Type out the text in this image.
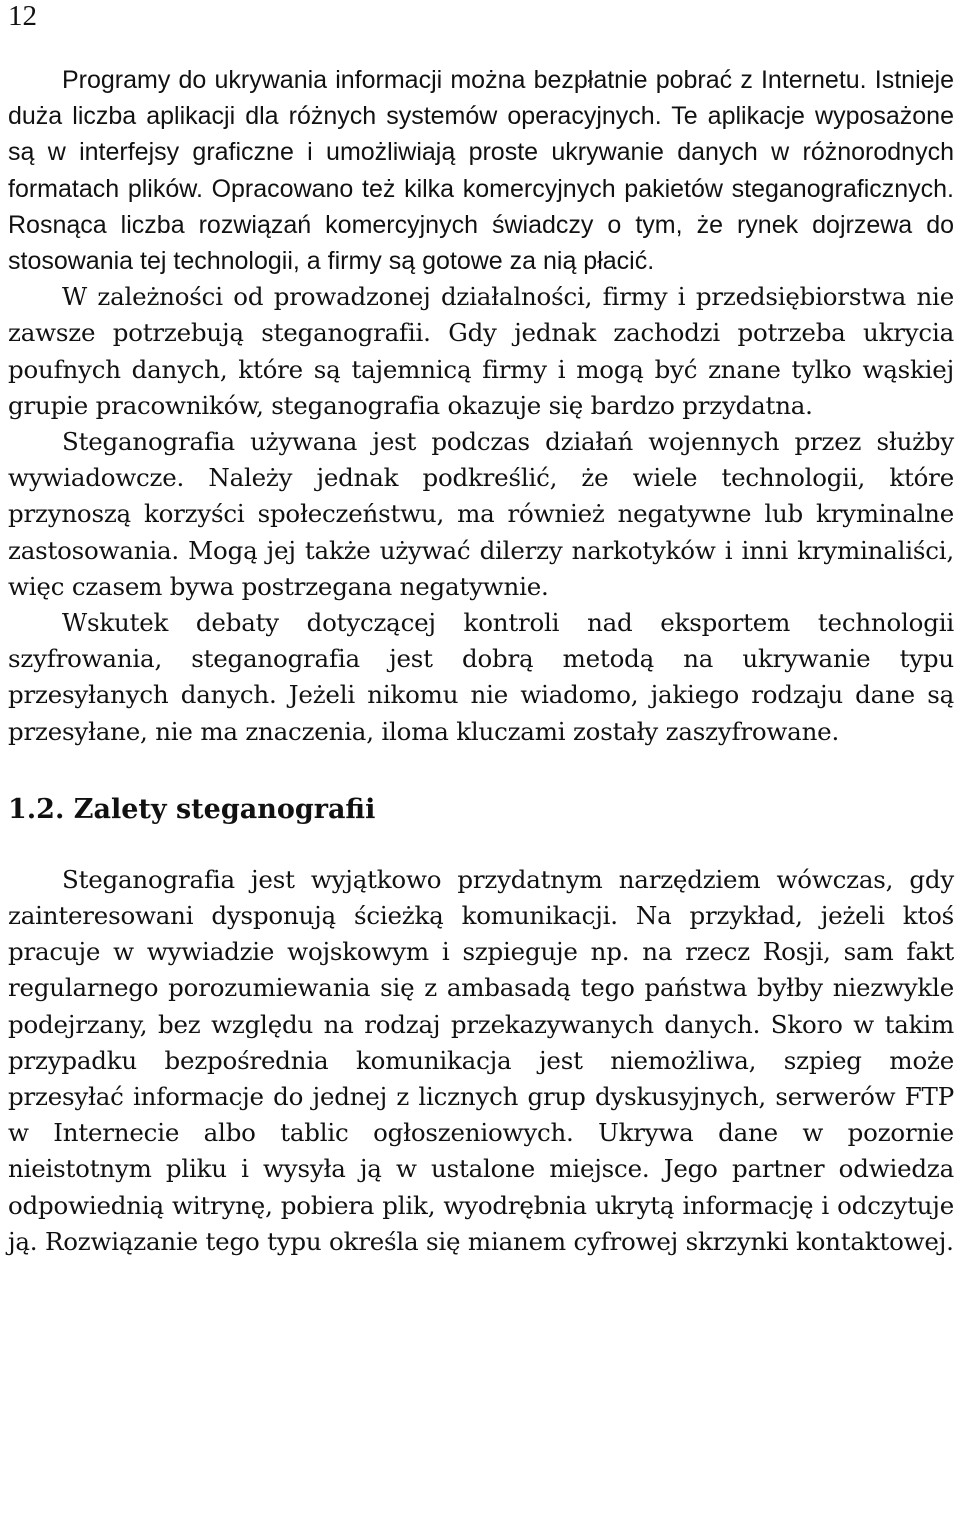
12

Programy do ukrywania informacji można bezpłatnie pobrać z Internetu. Istnieje duża liczba aplikacji dla różnych systemów operacyjnych. Te aplikacje wyposażone są w interfejsy graficzne i umożliwiają proste ukrywanie danych w różnorodnych formatach plików. Opracowano też kilka komercyjnych pakietów steganograficznych. Rosnąca liczba rozwiązań komercyjnych świadczy o tym, że rynek dojrzewa do stosowania tej technologii, a firmy są gotowe za nią płacić.

W zależności od prowadzonej działalności, firmy i przedsiębiorstwa nie zawsze potrzebują steganografii. Gdy jednak zachodzi potrzeba ukrycia poufnych danych, które są tajemnicą firmy i mogą być znane tylko wąskiej grupie pracowników, steganografia okazuje się bardzo przydatna.

Steganografia używana jest podczas działań wojennych przez służby wywiadowcze. Należy jednak podkreślić, że wiele technologii, które przynoszą korzyści społeczeństwu, ma również negatywne lub kryminalne zastosowania. Mogą jej także używać dilerzy narkotyków i inni kryminaliści, więc czasem bywa postrzegana negatywnie.

Wskutek debaty dotyczącej kontroli nad eksportem technologii szyfrowania, steganografia jest dobrą metodą na ukrywanie typu przesyłanych danych. Jeżeli nikomu nie wiadomo, jakiego rodzaju dane są przesyłane, nie ma znaczenia, iloma kluczami zostały zaszyfrowane.

1.2. Zalety steganografii

Steganografia jest wyjątkowo przydatnym narzędziem wówczas, gdy zainteresowani dysponują ścieżką komunikacji. Na przykład, jeżeli ktoś pracuje w wywiadzie wojskowym i szpieguje np. na rzecz Rosji, sam fakt regularnego porozumiewania się z ambasadą tego państwa byłby niezwykle podejrzany, bez względu na rodzaj przekazywanych danych. Skoro w takim przypadku bezpośrednia komunikacja jest niemożliwa, szpieg może przesyłać informacje do jednej z licznych grup dyskusyjnych, serwerów FTP w Internecie albo tablic ogłoszeniowych. Ukrywa dane w pozornie nieistotnym pliku i wysyła ją w ustalone miejsce. Jego partner odwiedza odpowiednią witrynę, pobiera plik, wyodrębnia ukrytą informację i odczytuje ją. Rozwiązanie tego typu określa się mianem cyfrowej skrzynki kontaktowej.
